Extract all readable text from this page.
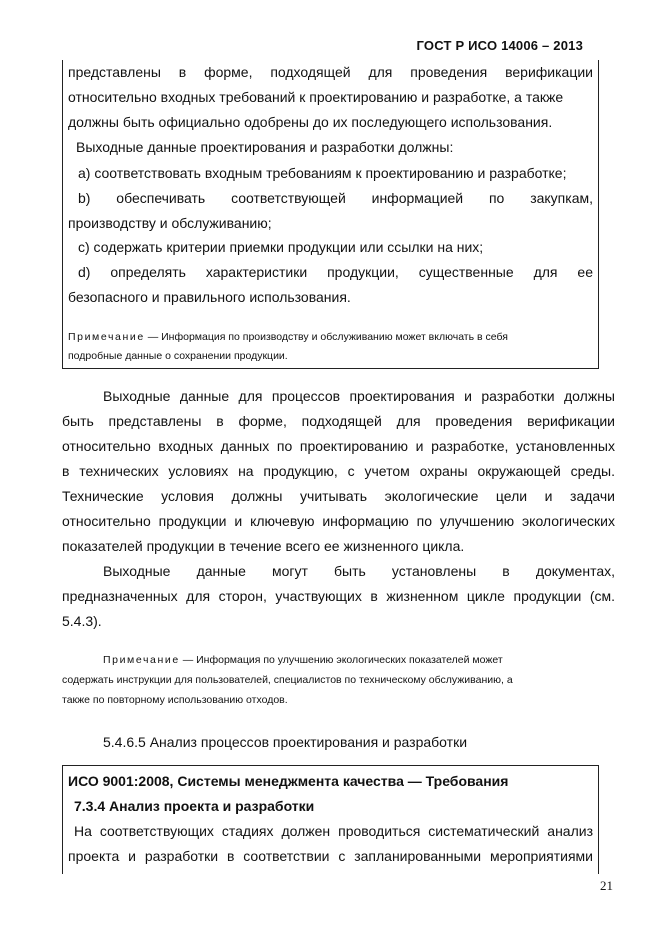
ГОСТ Р ИСО 14006 – 2013
представлены в форме, подходящей для проведения верификации
относительно входных требований к проектированию и разработке, а также
должны быть официально одобрены до их последующего использования.
Выходные данные проектирования и разработки должны:
a) соответствовать входным требованиям к проектированию и разработке;
b) обеспечивать соответствующей информацией по закупкам,
производству и обслуживанию;
c) содержать критерии приемки продукции или ссылки на них;
d) определять характеристики продукции, существенные для ее
безопасного и правильного использования.
Примечание — Информация по производству и обслуживанию может включать в себя
подробные данные о сохранении продукции.
Выходные данные для процессов проектирования и разработки должны
быть представлены в форме, подходящей для проведения верификации
относительно входных данных по проектированию и разработке, установленных
в технических условиях на продукцию, с учетом охраны окружающей среды.
Технические условия должны учитывать экологические цели и задачи
относительно продукции и ключевую информацию по улучшению экологических
показателей продукции в течение всего ее жизненного цикла.
Выходные данные могут быть установлены в документах,
предназначенных для сторон, участвующих в жизненном цикле продукции (см.
5.4.3).
Примечание — Информация по улучшению экологических показателей может
содержать инструкции для пользователей, специалистов по техническому обслуживанию, а
также по повторному использованию отходов.
5.4.6.5 Анализ процессов проектирования и разработки
ИСО 9001:2008, Системы менеджмента качества — Требования
7.3.4 Анализ проекта и разработки
На соответствующих стадиях должен проводиться систематический анализ
проекта и разработки в соответствии с запланированными мероприятиями
21
